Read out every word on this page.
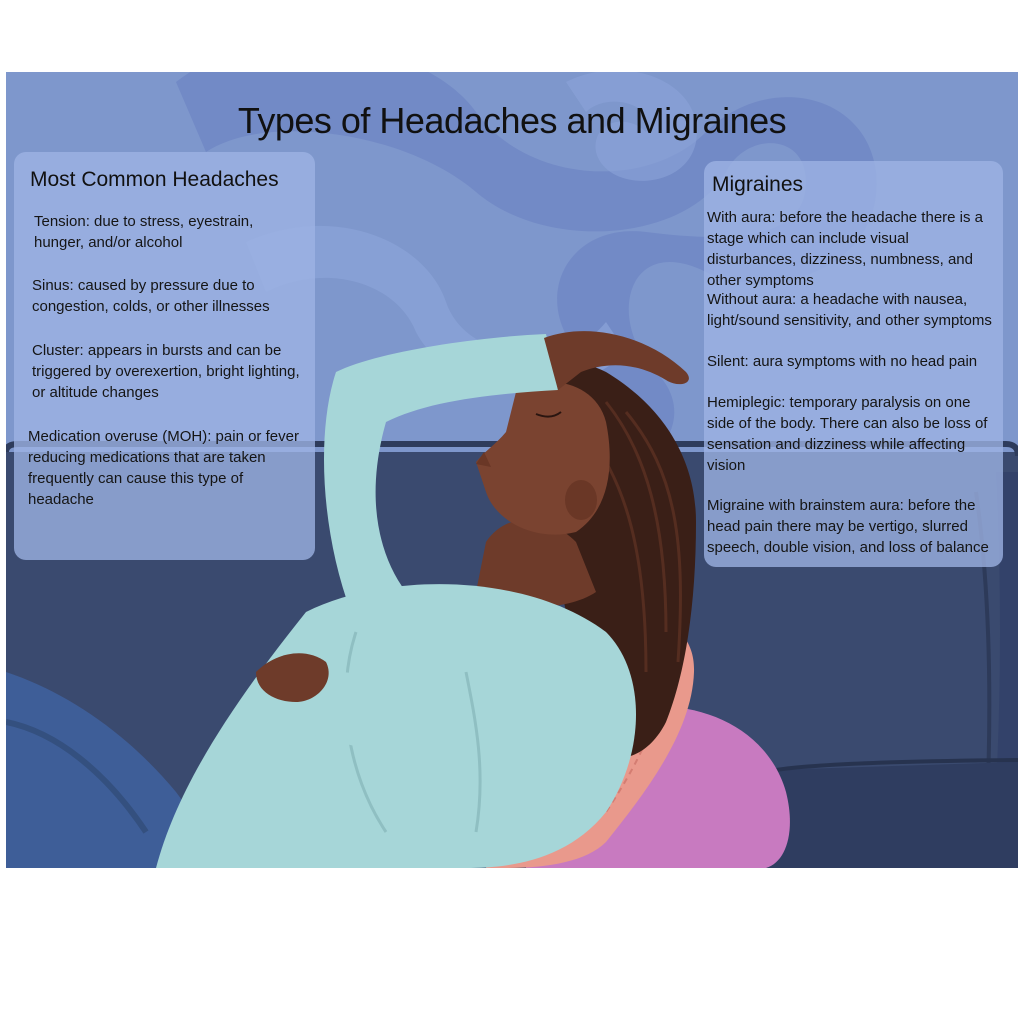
Types of Headaches and Migraines
Most Common Headaches

Tension: due to stress, eyestrain, hunger, and/or alcohol

Sinus: caused by pressure due to congestion, colds, or other illnesses

Cluster: appears in bursts and can be triggered by overexertion, bright lighting, or altitude changes

Medication overuse (MOH): pain or fever reducing medications that are taken frequently can cause this type of headache

Migraines

With aura: before the headache there is a stage which can include visual disturbances, dizziness, numbness, and other symptoms

Without aura: a headache with nausea, light/sound sensitivity, and other symptoms

Silent: aura symptoms with no head pain

Hemiplegic: temporary paralysis on one side of the body. There can also be loss of sensation and dizziness while affecting vision

Migraine with brainstem aura: before the head pain there may be vertigo, slurred speech, double vision, and loss of balance
